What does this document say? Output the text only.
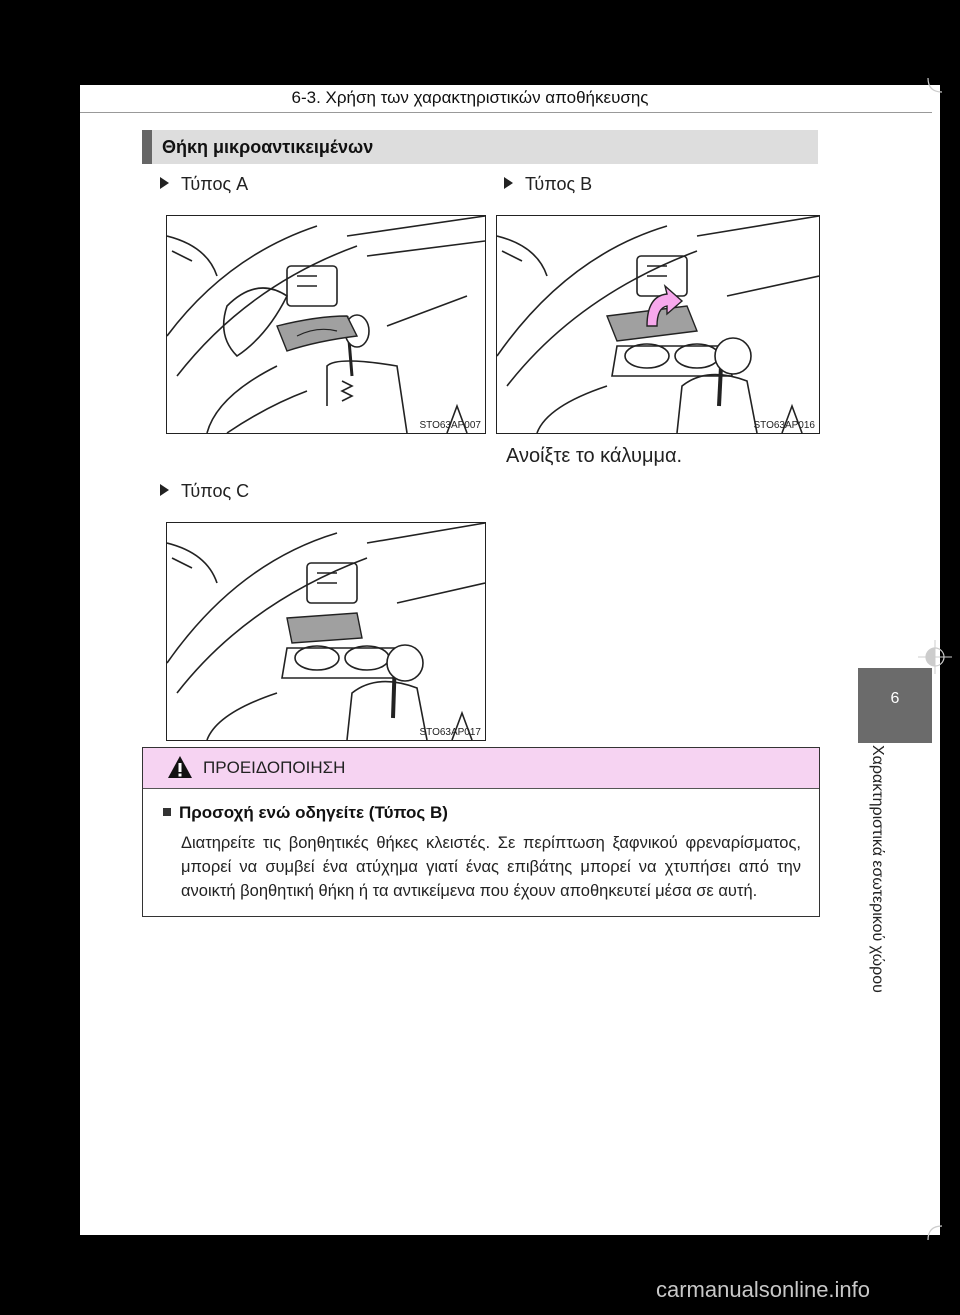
6-3. Χρήση των χαρακτηριστικών αποθήκευσης
Θήκη μικροαντικειμένων
Τύπος A
STO63AP007
Τύπος B
STO63AP016
Ανοίξτε το κάλυμμα.
Τύπος C
STO63AP017
ΠΡΟΕΙΔΟΠΟΙΗΣΗ
Προσοχή ενώ οδηγείτε (Τύπος B)
Διατηρείτε τις βοηθητικές θήκες κλειστές. Σε περίπτωση ξαφνικού φρεναρίσματος, μπορεί να συμβεί ένα ατύχημα γιατί ένας επιβάτης μπορεί να χτυπήσει από την ανοικτή βοηθητική θήκη ή τα αντικείμενα που έχουν αποθηκευτεί μέσα σε αυτή.
6
Χαρακτηριστικά εσωτερικού χώρου
carmanualsonline.info
